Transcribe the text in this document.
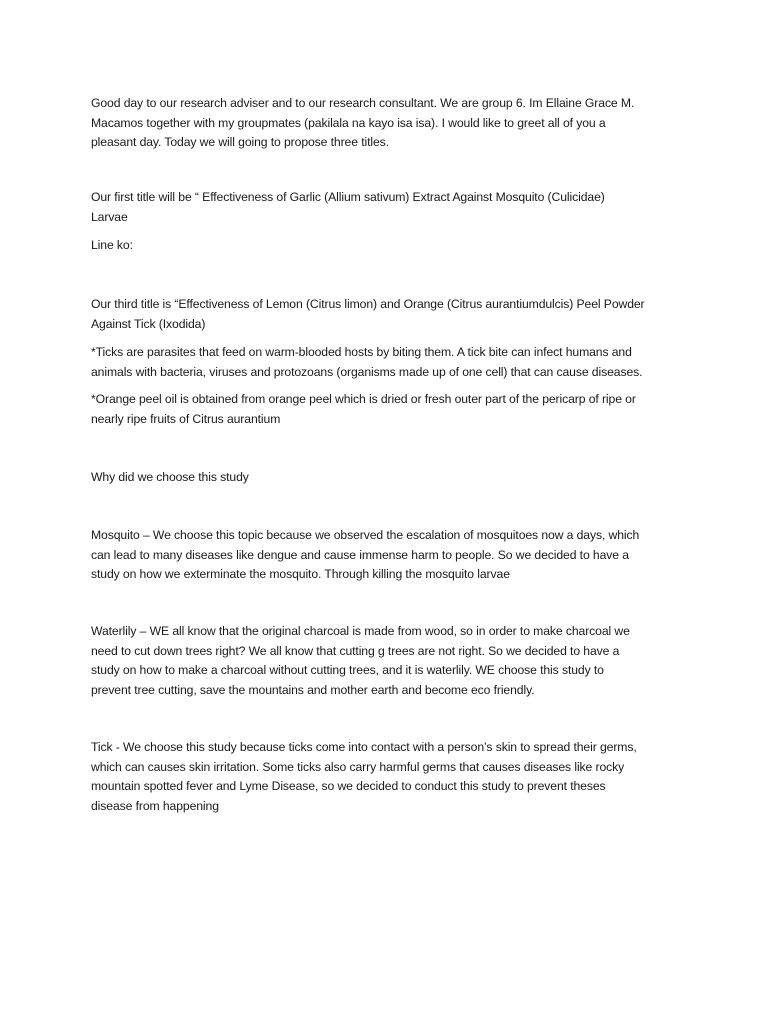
Good day to our research adviser and to our research consultant. We are group 6. Im Ellaine Grace M.
Macamos together with my groupmates (pakilala na kayo isa isa). I would like to greet all of you a
pleasant day. Today we will going to propose three titles.

Our first title will be “ Effectiveness of Garlic (Allium sativum) Extract Against Mosquito (Culicidae)
Larvae

Line ko:

Our third title is “Effectiveness of Lemon (Citrus limon) and Orange (Citrus aurantiumdulcis) Peel Powder
Against Tick (Ixodida)

*Ticks are parasites that feed on warm-blooded hosts by biting them. A tick bite can infect humans and
animals with bacteria, viruses and protozoans (organisms made up of one cell) that can cause diseases.

*Orange peel oil is obtained from orange peel which is dried or fresh outer part of the pericarp of ripe or
nearly ripe fruits of Citrus aurantium

Why did we choose this study

Mosquito – We choose this topic because we observed the escalation of mosquitoes now a days, which
can lead to many diseases like dengue and cause immense harm to people. So we decided to have a
study on how we exterminate the mosquito. Through killing the mosquito larvae

Waterlily – WE all know that the original charcoal is made from wood, so in order to make charcoal we
need to cut down trees right? We all know that cutting g trees are not right. So we decided to have a
study on how to make a charcoal without cutting trees, and it is waterlily. WE choose this study to
prevent tree cutting, save the mountains and mother earth and become eco friendly.

Tick - We choose this study because ticks come into contact with a person’s skin to spread their germs,
which can causes skin irritation. Some ticks also carry harmful germs that causes diseases like rocky
mountain spotted fever and Lyme Disease, so we decided to conduct this study to prevent theses
disease from happening
